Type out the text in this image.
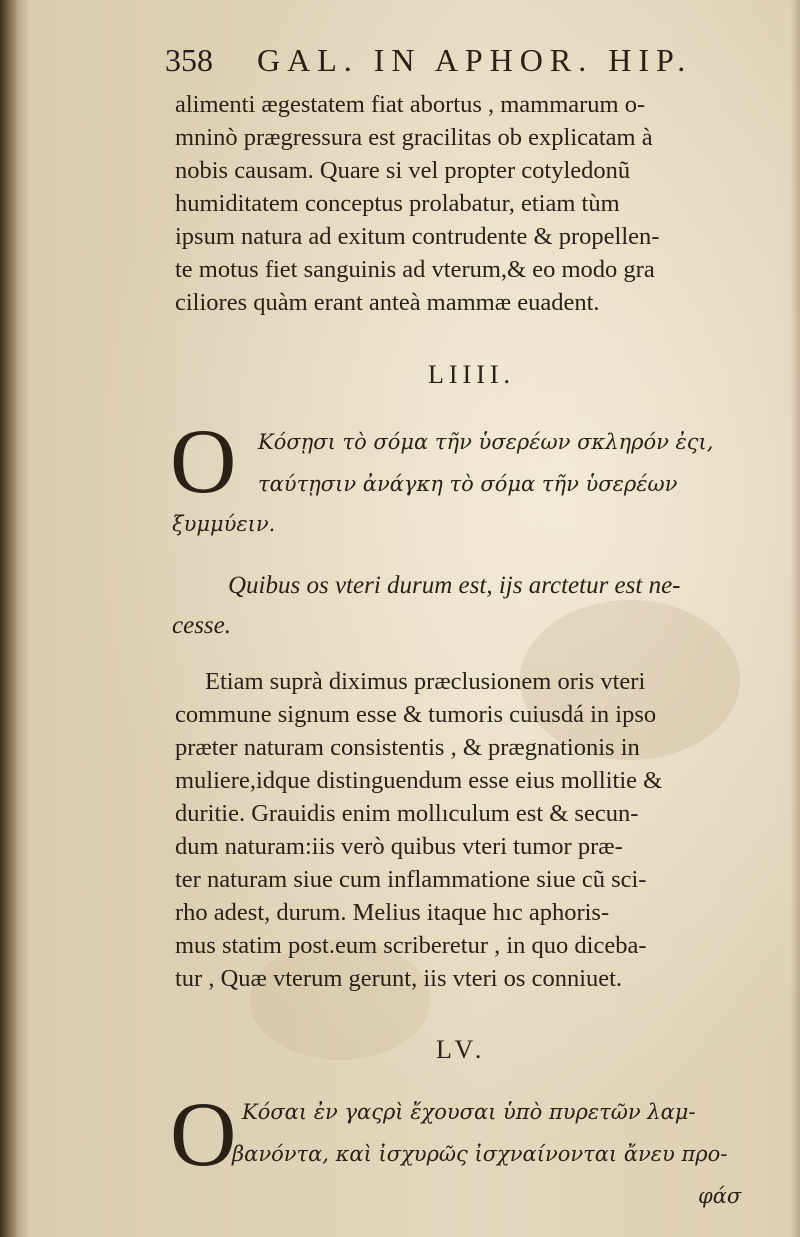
358 GAL. IN APHOR. HIP.
alimenti ægestatem fiat abortus , mammarum o-
mninò prægressura est gracilitas ob explicatam à
nobis causam. Quare si vel propter cotyledonũ
humiditatem conceptus prolabatur, etiam tùm
ipsum natura ad exitum contrudente & propellen-
te motus fiet sanguinis ad vterum,& eo modo gra
ciliores quàm erant anteà mammæ euadent.
LIIII.
O Κόσῃσι τὸ σόμα τῆν ὑσερέων σκληρόν ἐςι,
ταύτῃσιν ἀνάγκη τὸ σόμα τῆν ὑσερέων
ξυμμύειν.
Quibus os vteri durum est, ijs arctetur est ne-
cesse.
Etiam suprà diximus præclusionem oris vteri
commune signum esse & tumoris cuiusdá in ipso
præter naturam consistentis , & prægnationis in
muliere,idque distinguendum esse eius mollitie &
duritie. Grauidis enim mollıculum est & secun-
dum naturam:iis verò quibus vteri tumor præ-
ter naturam siue cum inflammatione siue cũ sci-
rho adest, durum. Melius itaque hıc aphoris-
mus statim post.eum scriberetur , in quo diceba-
tur , Quæ vterum gerunt, iis vteri os conniuet.
LV.
O Κόσαι ἐν γαςρὶ ἔχουσαι ὑπὸ πυρετῶν λαμ-
βανόντα, καὶ ἰσχυρῶς ἰσχναίνονται ἄνευ προ-
φάσ
